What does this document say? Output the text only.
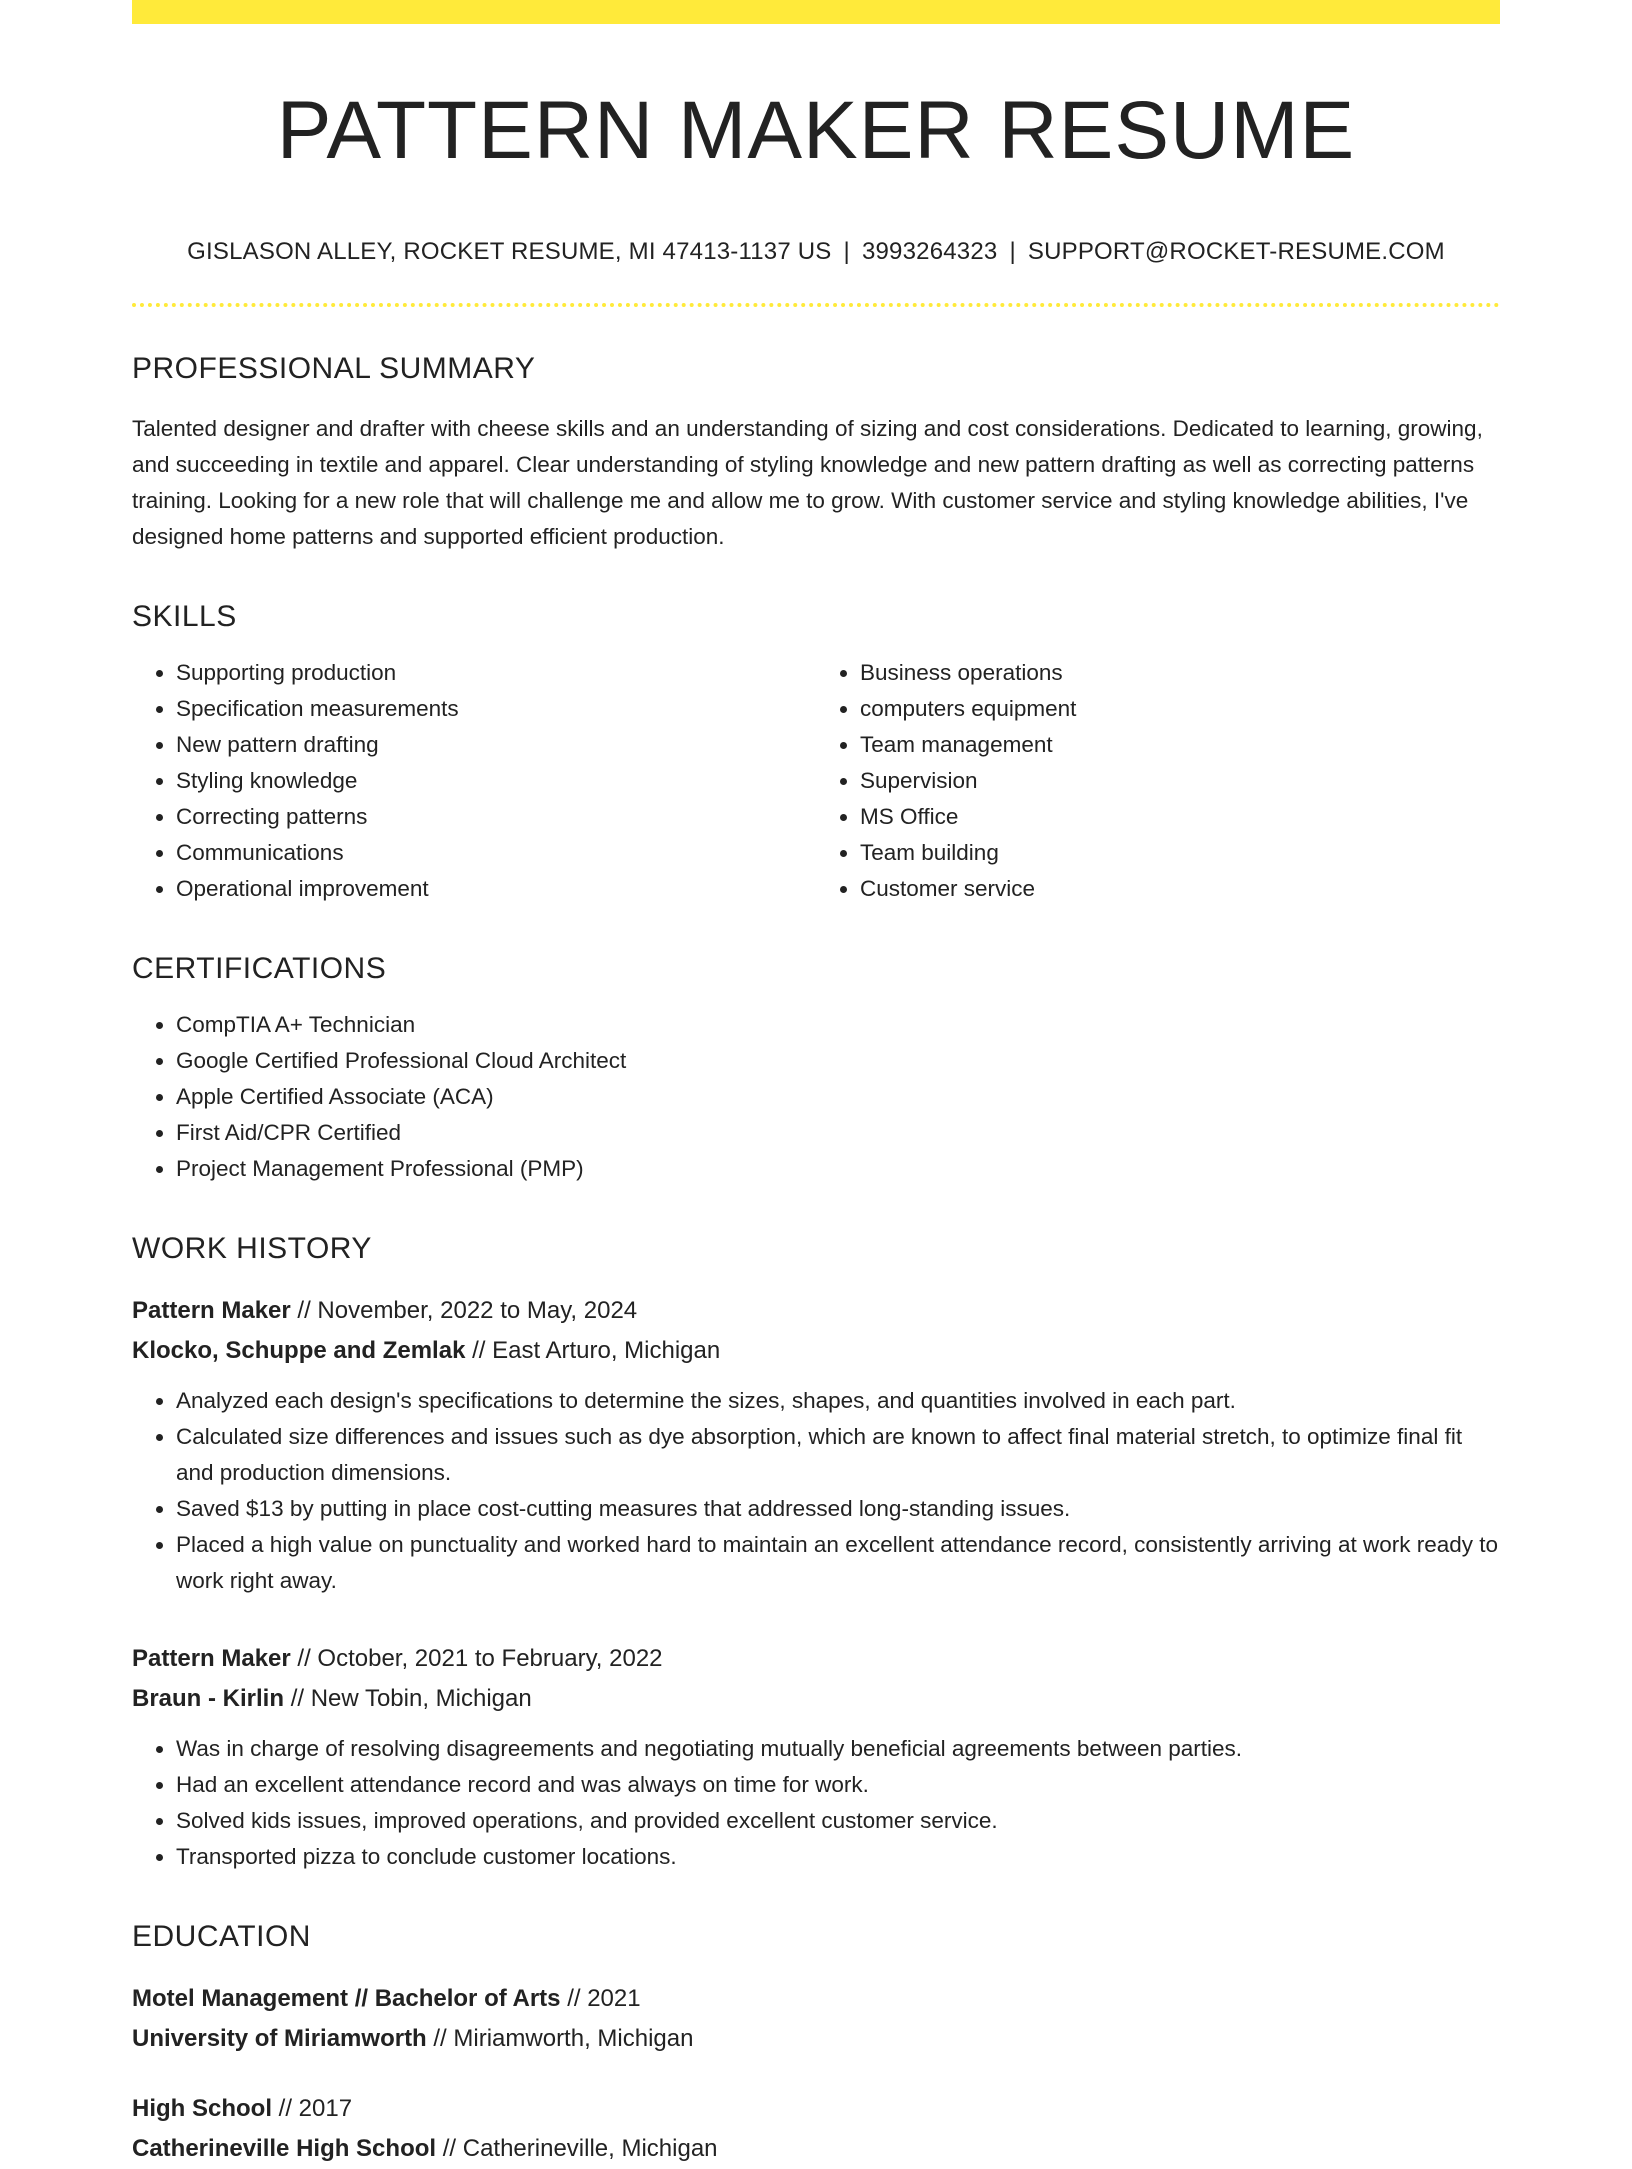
PATTERN MAKER RESUME
GISLASON ALLEY, ROCKET RESUME, MI 47413-1137 US | 3993264323 | SUPPORT@ROCKET-RESUME.COM
PROFESSIONAL SUMMARY
Talented designer and drafter with cheese skills and an understanding of sizing and cost considerations. Dedicated to learning, growing, and succeeding in textile and apparel. Clear understanding of styling knowledge and new pattern drafting as well as correcting patterns training. Looking for a new role that will challenge me and allow me to grow. With customer service and styling knowledge abilities, I've designed home patterns and supported efficient production.
SKILLS
• Supporting production
• Specification measurements
• New pattern drafting
• Styling knowledge
• Correcting patterns
• Communications
• Operational improvement
• Business operations
• computers equipment
• Team management
• Supervision
• MS Office
• Team building
• Customer service
CERTIFICATIONS
• CompTIA A+ Technician
• Google Certified Professional Cloud Architect
• Apple Certified Associate (ACA)
• First Aid/CPR Certified
• Project Management Professional (PMP)
WORK HISTORY
Pattern Maker // November, 2022 to May, 2024
Klocko, Schuppe and Zemlak // East Arturo, Michigan
• Analyzed each design's specifications to determine the sizes, shapes, and quantities involved in each part.
• Calculated size differences and issues such as dye absorption, which are known to affect final material stretch, to optimize final fit and production dimensions.
• Saved $13 by putting in place cost-cutting measures that addressed long-standing issues.
• Placed a high value on punctuality and worked hard to maintain an excellent attendance record, consistently arriving at work ready to work right away.
Pattern Maker // October, 2021 to February, 2022
Braun - Kirlin // New Tobin, Michigan
• Was in charge of resolving disagreements and negotiating mutually beneficial agreements between parties.
• Had an excellent attendance record and was always on time for work.
• Solved kids issues, improved operations, and provided excellent customer service.
• Transported pizza to conclude customer locations.
EDUCATION
Motel Management // Bachelor of Arts // 2021
University of Miriamworth // Miriamworth, Michigan
High School // 2017
Catherineville High School // Catherineville, Michigan
